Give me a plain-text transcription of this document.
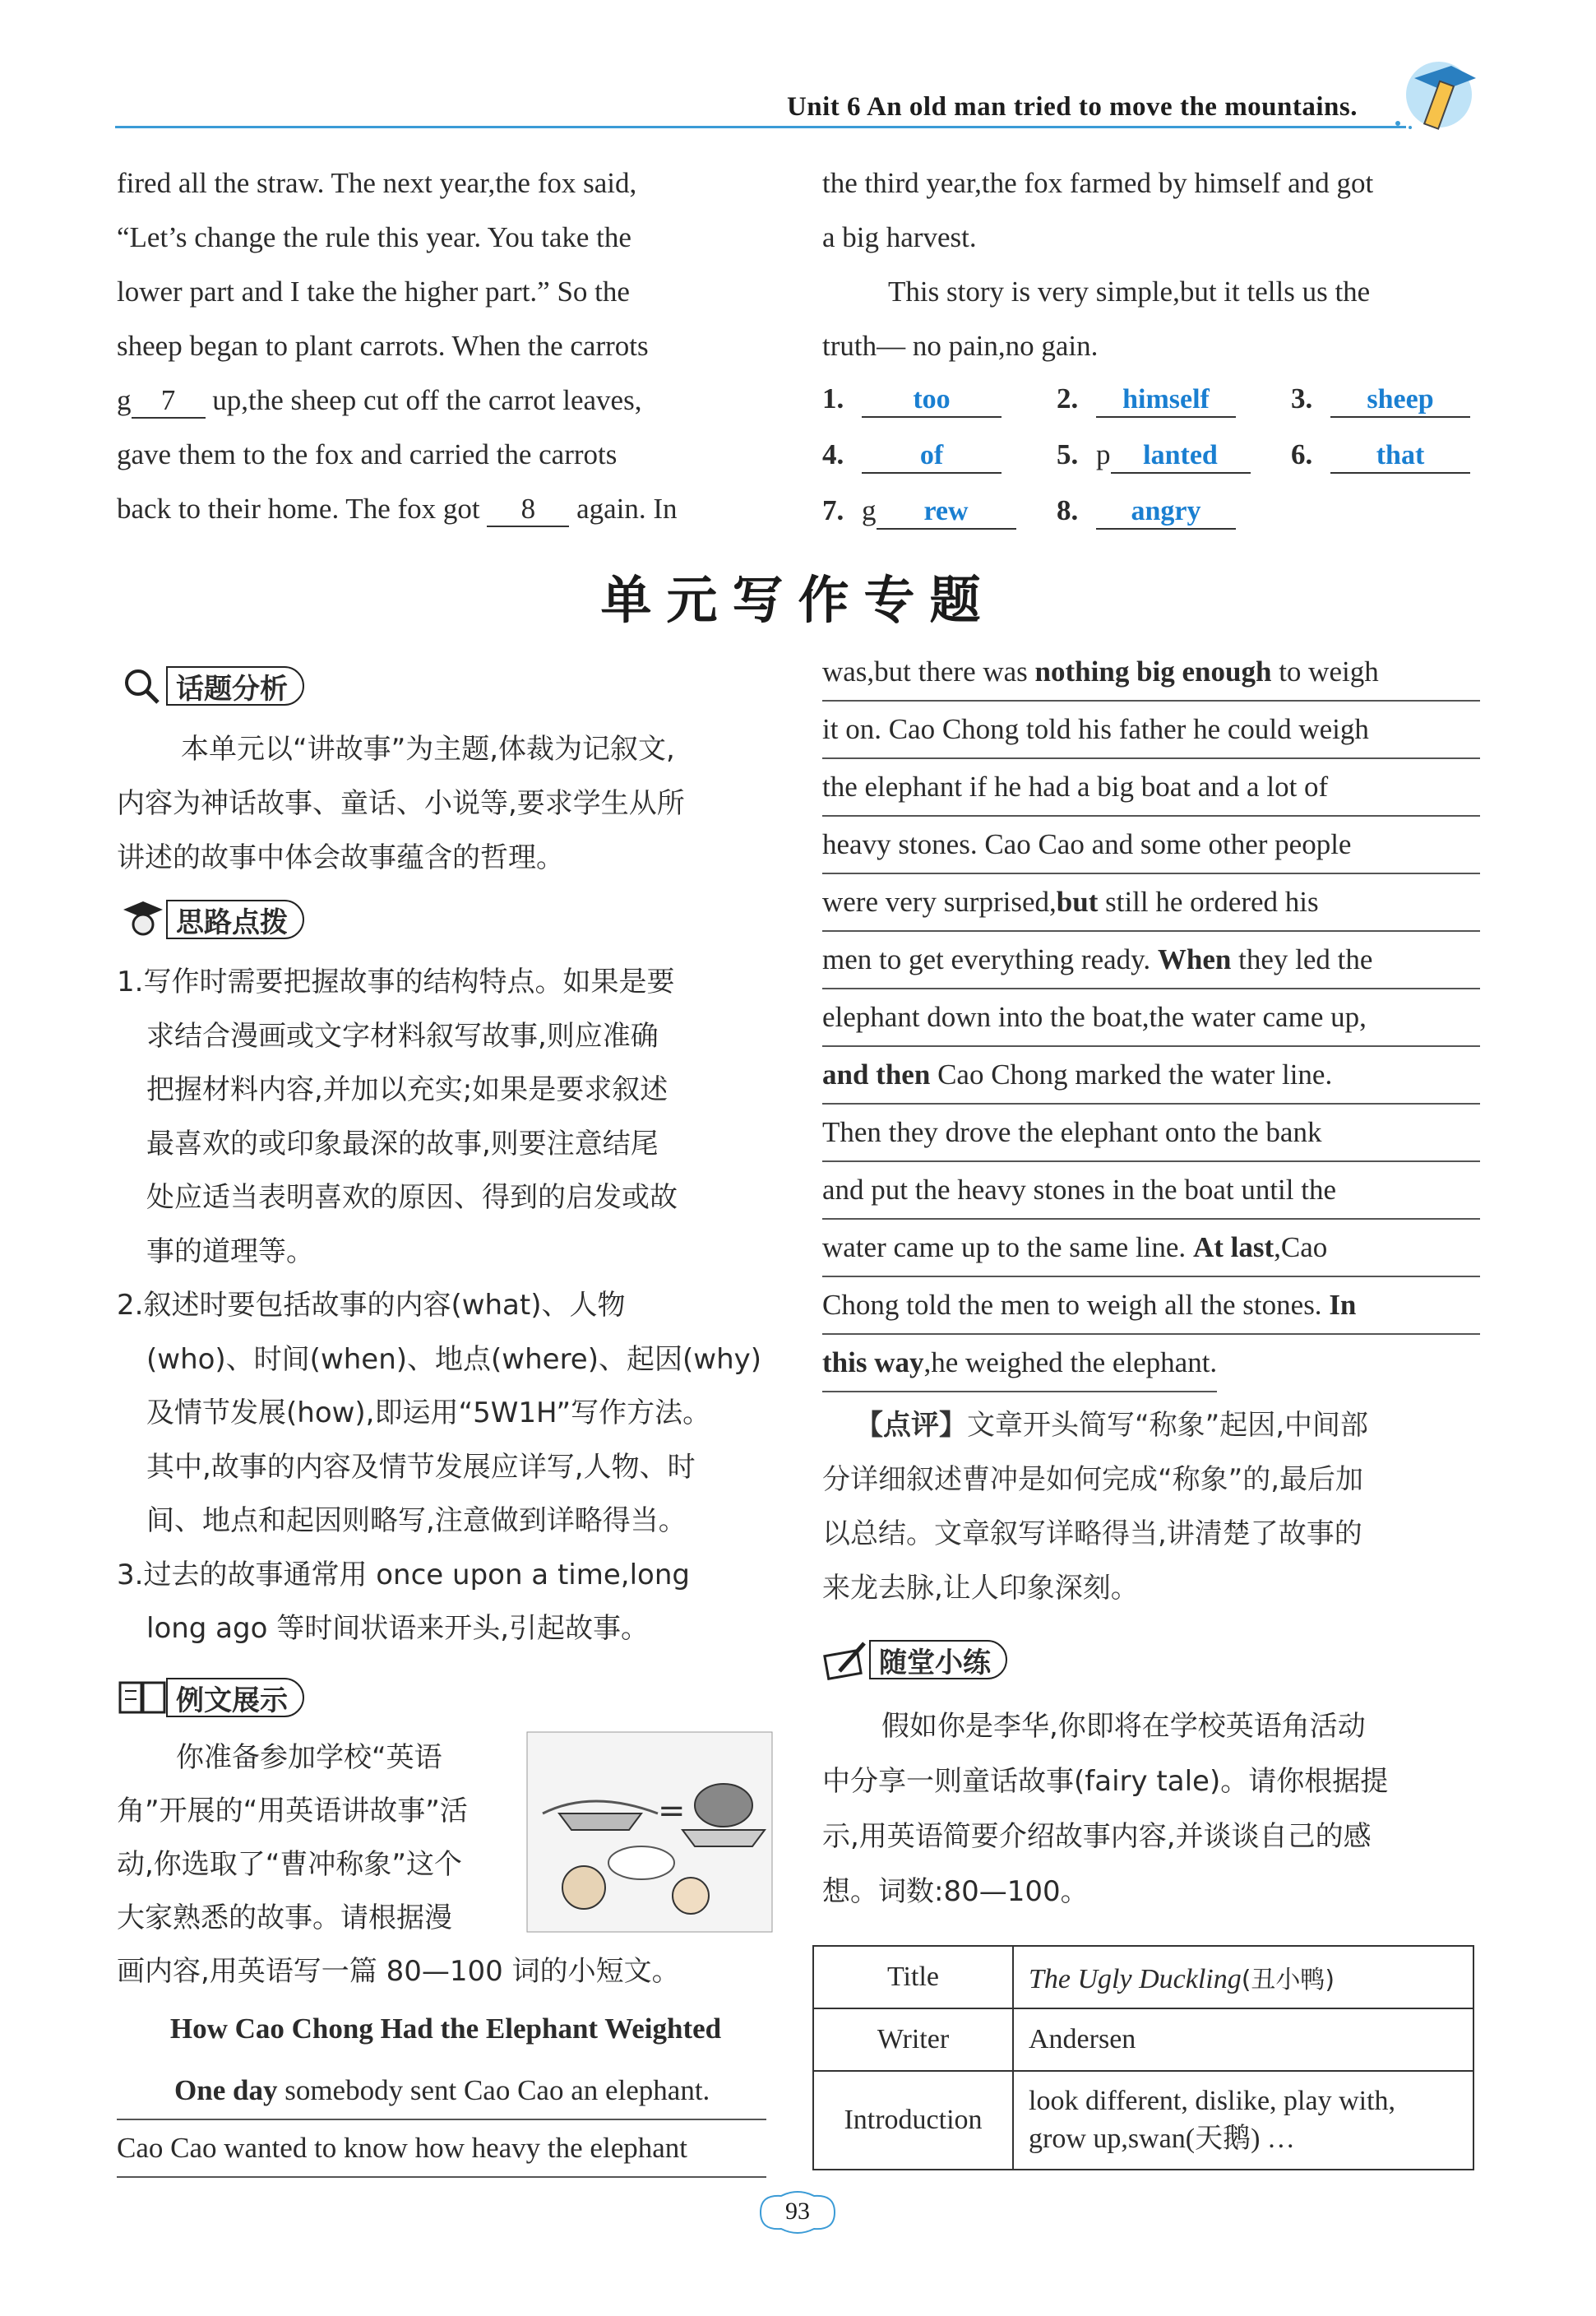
Unit 6 An old man tried to move the mountains.
fired all the straw. The next year,the fox said,
“Let’s change the rule this year. You take the
lower part and I take the higher part.” So the
sheep began to plant carrots. When the carrots
g 7 up,the sheep cut off the carrot leaves,
gave them to the fox and carried the carrots
back to their home. The fox got 8 again. In
the third year,the fox farmed by himself and got
a big harvest.
This story is very simple,but it tells us the
truth— no pain,no gain.
1. too	2. himself	3. sheep
4.	of	5. p lanted	6. that
7. g rew	8. angry
单元写作专题
话题分析
本单元以“讲故事”为主题,体裁为记叙文,
内容为神话故事、童话、小说等,要求学生从所
讲述的故事中体会故事蕴含的哲理。
思路点拨
1.写作时需要把握故事的结构特点。如果是要
求结合漫画或文字材料叙写故事,则应准确
把握材料内容,并加以充实;如果是要求叙述
最喜欢的或印象最深的故事,则要注意结尾
处应适当表明喜欢的原因、得到的启发或故
事的道理等。
2.叙述时要包括故事的内容(what)、人物
(who)、时间(when)、地点(where)、起因(why)
及情节发展(how),即运用“5W1H”写作方法。
其中,故事的内容及情节发展应详写,人物、时
间、地点和起因则略写,注意做到详略得当。
3.过去的故事通常用 once upon a time,long
long ago 等时间状语来开头,引起故事。
例文展示
你准备参加学校“英语
角”开展的“用英语讲故事”活
动,你选取了“曹冲称象”这个
大家熟悉的故事。请根据漫
画内容,用英语写一篇 80—100 词的小短文。
=
How Cao Chong Had the Elephant Weighted
One day somebody sent Cao Cao an elephant.
Cao Cao wanted to know how heavy the elephant
was,but there was nothing big enough to weigh
it on. Cao Chong told his father he could weigh
the elephant if he had a big boat and a lot of
heavy stones. Cao Cao and some other people
were very surprised,but still he ordered his
men to get everything ready. When they led the
elephant down into the boat,the water came up,
and then Cao Chong marked the water line.
Then they drove the elephant onto the bank
and put the heavy stones in the boat until the
water came up to the same line. At last,Cao
Chong told the men to weigh all the stones. In
this way,he weighed the elephant.
【点评】文章开头简写“称象”起因,中间部
分详细叙述曹冲是如何完成“称象”的,最后加
以总结。文章叙写详略得当,讲清楚了故事的
来龙去脉,让人印象深刻。
随堂小练
假如你是李华,你即将在学校英语角活动
中分享一则童话故事(fairy tale)。请你根据提
示,用英语简要介绍故事内容,并谈谈自己的感
想。词数:80—100。
Title	The Ugly Duckling(丑小鸭)
Writer	Andersen
Introduction	look different, dislike, play with,
grow up,swan(天鹅) …
93
